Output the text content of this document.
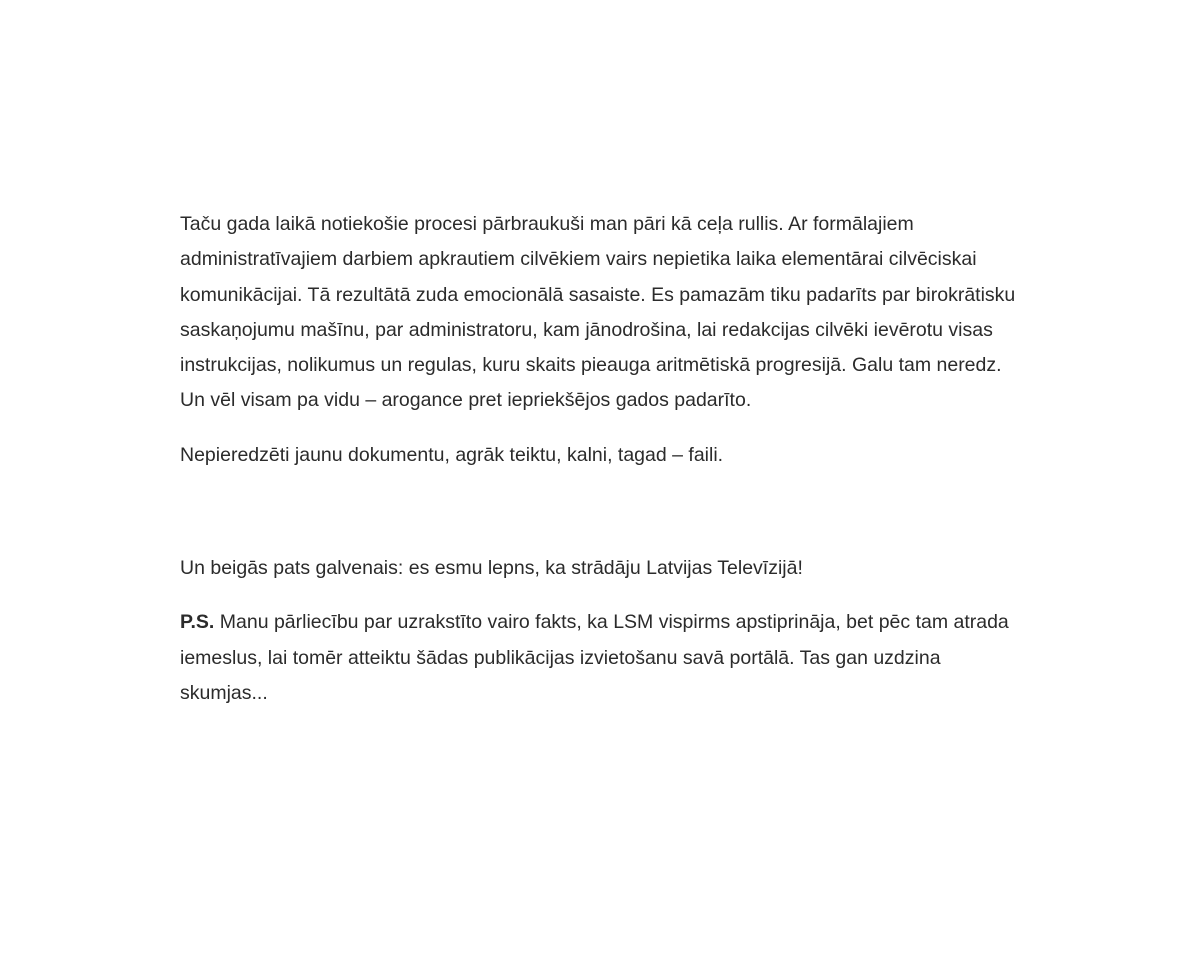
Taču gada laikā notiekošie procesi pārbraukuši man pāri kā ceļa rullis. Ar formālajiem administratīvajiem darbiem apkrautiem cilvēkiem vairs nepietika laika elementārai cilvēciskai komunikācijai. Tā rezultātā zuda emocionālā sasaiste. Es pamazām tiku padarīts par birokrātisku saskaņojumu mašīnu, par administratoru, kam jānodrošina, lai redakcijas cilvēki ievērotu visas instrukcijas, nolikumus un regulas, kuru skaits pieauga aritmētiskā progresijā. Galu tam neredz. Un vēl visam pa vidu – arogance pret iepriekšējos gados padarīto.

Nepieredzēti jaunu dokumentu, agrāk teiktu, kalni, tagad – faili.

Un beigās pats galvenais: es esmu lepns, ka strādāju Latvijas Televīzijā!

P.S. Manu pārliecību par uzrakstīto vairo fakts, ka LSM vispirms apstiprināja, bet pēc tam atrada iemeslus, lai tomēr atteiktu šādas publikācijas izvietošanu savā portālā. Tas gan uzdzina skumjas...
